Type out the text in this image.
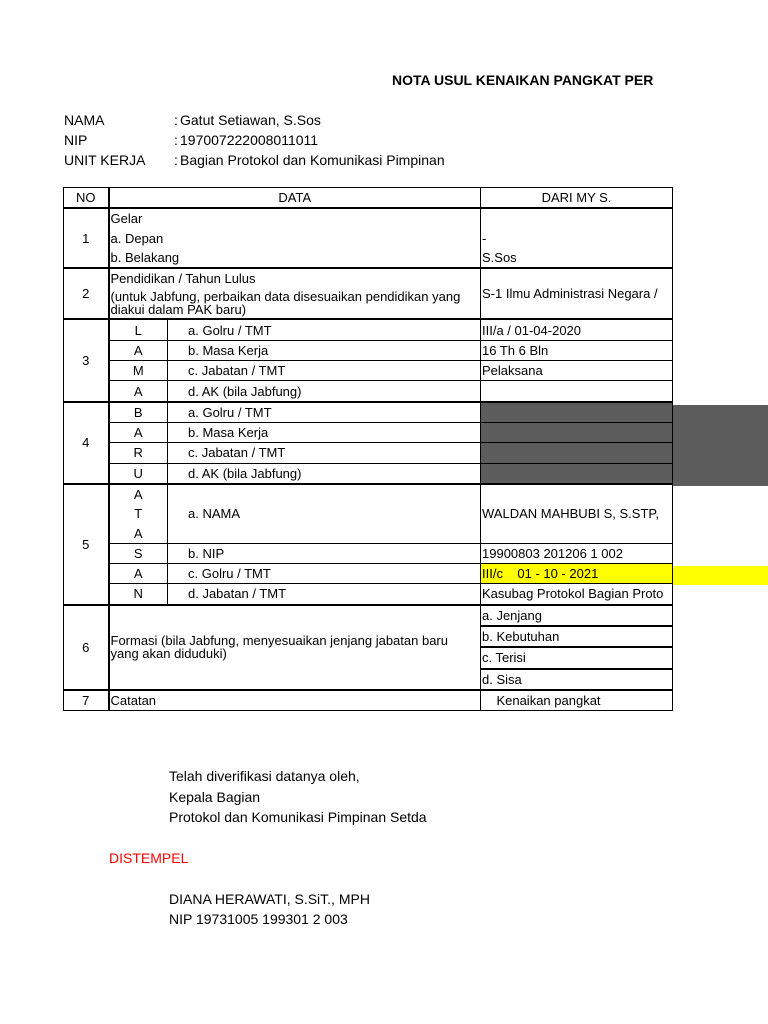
NOTA USUL KENAIKAN PANGKAT PER
NAMA	: Gatut Setiawan, S.Sos
NIP	: 197007222008011011
UNIT KERJA	: Bagian Protokol dan Komunikasi Pimpinan
NO	DATA		DARI MY S.
1	Gelar		
	a. Depan		-
	b. Belakang		S.Sos
2	Pendidikan / Tahun Lulus		S-1 Ilmu Administrasi Negara /
	(untuk Jabfung, perbaikan data disesuaikan pendidikan yang diakui dalam PAK baru)		
3	L	a. Golru / TMT	III/a / 01-04-2020
	A	b. Masa Kerja	16 Th 6 Bln
	M	c. Jabatan / TMT	Pelaksana
	A	d. AK (bila Jabfung)	
4	B	a. Golru / TMT	
	A	b. Masa Kerja	
	R	c. Jabatan / TMT	
	U	d. AK (bila Jabfung)	
5	A		
	T	a. NAMA	WALDAN MAHBUBI S, S.STP,
	A		
	S	b. NIP	19900803 201206 1 002
	A	c. Golru / TMT	III/c    01 - 10 - 2021
	N	d. Jabatan / TMT	Kasubag Protokol Bagian Proto
6	Formasi (bila Jabfung, menyesuaikan jenjang jabatan baru yang akan diduduki)		a. Jenjang
			b. Kebutuhan
			c. Terisi
			d. Sisa
7	Catatan		Kenaikan pangkat
Telah diverifikasi datanya oleh,
Kepala Bagian
Protokol dan Komunikasi Pimpinan Setda
DISTEMPEL
DIANA HERAWATI, S.SiT., MPH
NIP 19731005 199301 2 003
